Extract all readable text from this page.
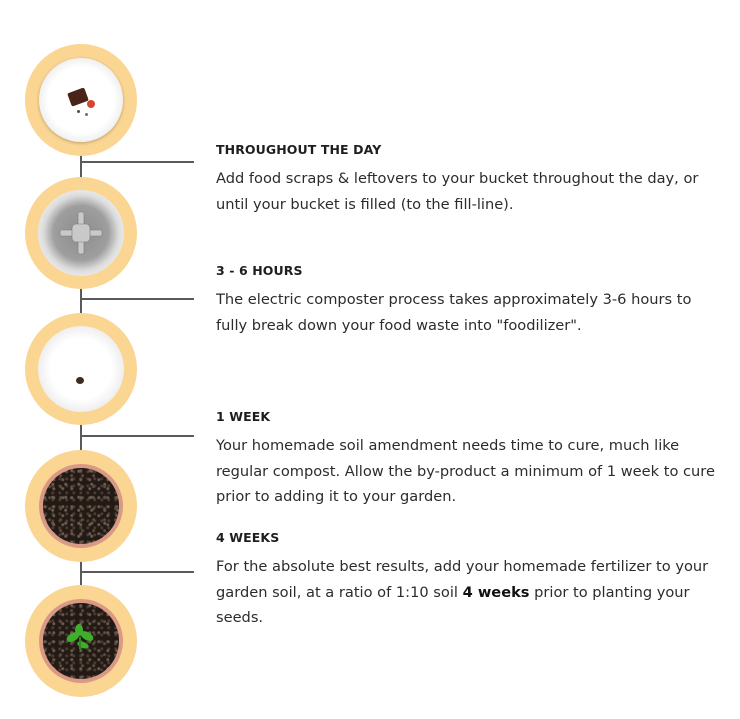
THROUGHOUT THE DAY

Add food scraps & leftovers to your bucket throughout the day, or until your bucket is filled (to the fill-line).

3 - 6 HOURS

The electric composter process takes approximately 3-6 hours to fully break down your food waste into "foodilizer".

1 WEEK

Your homemade soil amendment needs time to cure, much like regular compost. Allow the by-product a minimum of 1 week to cure prior to adding it to your garden.

4 WEEKS

For the absolute best results, add your homemade fertilizer to your garden soil, at a ratio of 1:10 soil 4 weeks prior to planting your seeds.
